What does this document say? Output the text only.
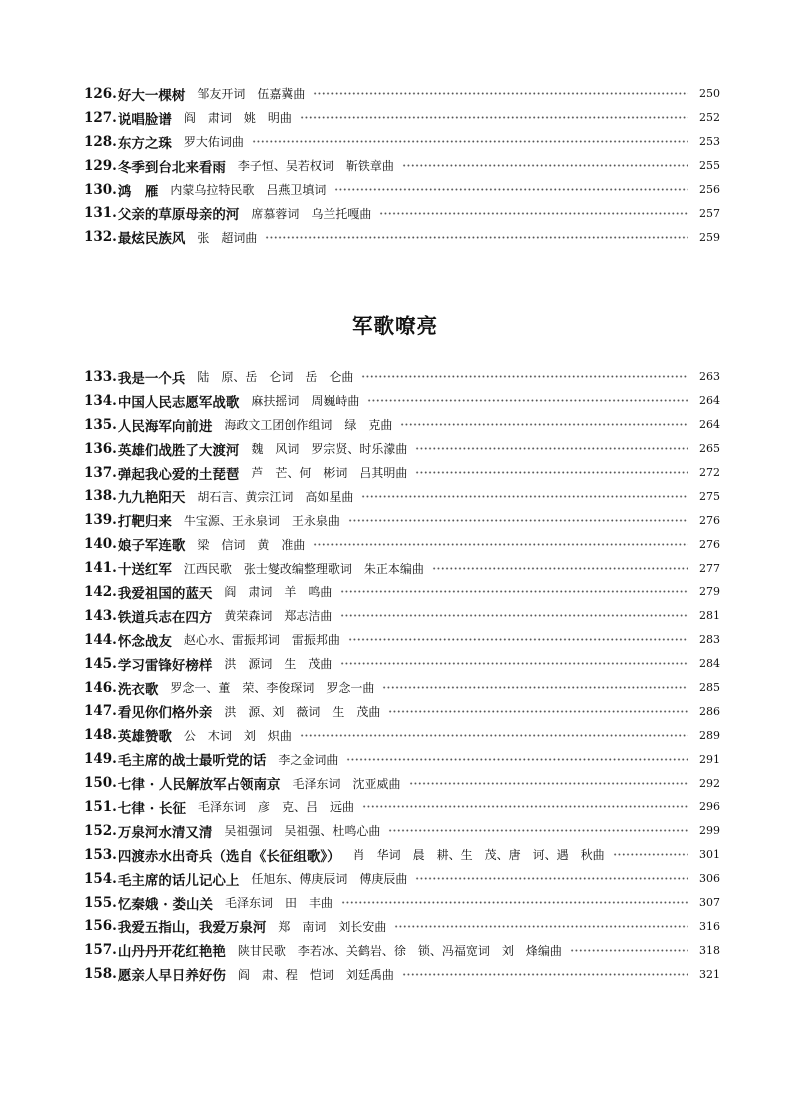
126. 好大一棵树 邹友开词　伍嘉冀曲	250
127. 说唱脸谱 阎　肃词　姚　明曲	252
128. 东方之珠 罗大佑词曲	253
129. 冬季到台北来看雨 李子恒、吴若权词　靳铁章曲	255
130. 鸿　雁 内蒙乌拉特民歌　吕燕卫填词	256
131. 父亲的草原母亲的河 席慕蓉词　乌兰托嘎曲	257
132. 最炫民族风 张　超词曲	259
军歌嘹亮
133. 我是一个兵 陆　原、岳　仑词　岳　仑曲	263
134. 中国人民志愿军战歌 麻扶摇词　周巍峙曲	264
135. 人民海军向前进 海政文工团创作组词　绿　克曲	264
136. 英雄们战胜了大渡河 魏　风词　罗宗贤、时乐濛曲	265
137. 弹起我心爱的土琵琶 芦　芒、何　彬词　吕其明曲	272
138. 九九艳阳天 胡石言、黄宗江词　高如星曲	275
139. 打靶归来 牛宝源、王永泉词　王永泉曲	276
140. 娘子军连歌 梁　信词　黄　准曲	276
141. 十送红军 江西民歌　张士燮改编整理歌词　朱正本编曲	277
142. 我爱祖国的蓝天 阎　肃词　羊　鸣曲	279
143. 铁道兵志在四方 黄荣森词　郑志洁曲	281
144. 怀念战友 赵心水、雷振邦词　雷振邦曲	283
145. 学习雷锋好榜样 洪　源词　生　茂曲	284
146. 洗衣歌 罗念一、董　荣、李俊琛词　罗念一曲	285
147. 看见你们格外亲 洪　源、刘　薇词　生　茂曲	286
148. 英雄赞歌 公　木词　刘　炽曲	289
149. 毛主席的战士最听党的话 李之金词曲	291
150. 七律 · 人民解放军占领南京 毛泽东词　沈亚威曲	292
151. 七律 · 长征 毛泽东词　彦　克、吕　远曲	296
152. 万泉河水清又清 吴祖强词　吴祖强、杜鸣心曲	299
153. 四渡赤水出奇兵（选自《长征组歌》） 肖　华词　晨　耕、生　茂、唐　诃、遇　秋曲	301
154. 毛主席的话儿记心上 任旭东、傅庚辰词　傅庚辰曲	306
155. 忆秦娥 · 娄山关 毛泽东词　田　丰曲	307
156. 我爱五指山，我爱万泉河 郑　南词　刘长安曲	316
157. 山丹丹开花红艳艳 陕甘民歌　李若冰、关鹤岩、徐　锁、冯福宽词　刘　烽编曲	318
158. 愿亲人早日养好伤 阎　肃、程　恺词　刘廷禹曲	321
